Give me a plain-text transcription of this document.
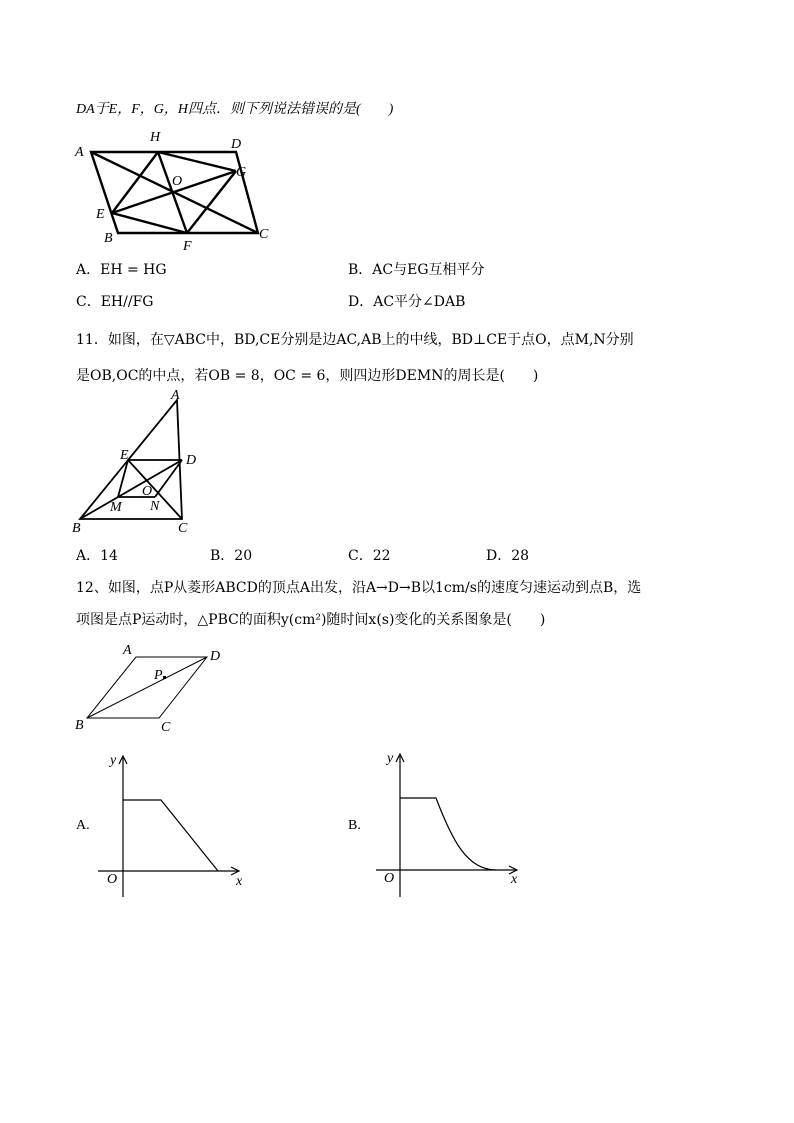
DA于E，F，G，H四点．则下列说法错误的是(　　)
A
H	D
G
O
E
B
F
C
A．EH = HG	B．AC与EG互相平分
C．EH//FG	D．AC平分∠DAB
11．如图，在▽ABC中，BD,CE分别是边AC,AB上的中线，BD⊥CE于点O，点M,N分别
是OB,OC的中点，若OB = 8，OC = 6，则四边形DEMN的周长是(　　)
A
E	D
O
M N
B	C
A．14	B．20	C．22	D．28
12、如图，点P从菱形ABCD的顶点A出发，沿A→D→B以1cm/s的速度匀速运动到点B，选
项图是点P运动时，△PBC的面积y(cm²)随时间x(s)变化的关系图象是(　　)
A	D
P
B	C
A.
y
x
O
B.
y
x
O
